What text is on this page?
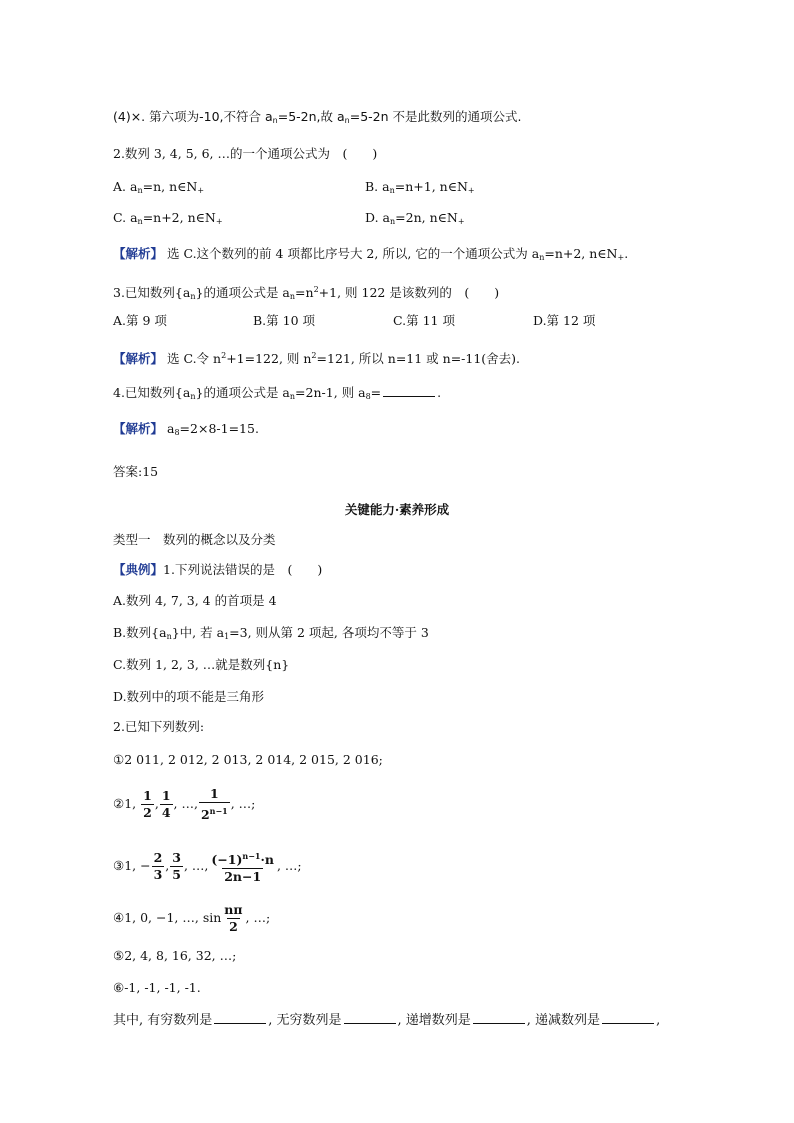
(4)×. 第六项为-10,不符合 $a_n=5-2n$,故 $a_n=5-2n$ 不是此数列的通项公式.
2.数列 3, 4, 5, 6, …的一个通项公式为　(　　)
A. $a_n=n$, $n\in N_+$	B. $a_n=n+1$, $n\in N_+$
C. $a_n=n+2$, $n\in N_+$	D. $a_n=2n$, $n\in N_+$
【解析】 选 C.这个数列的前 4 项都比序号大 2, 所以, 它的一个通项公式为 $a_n=n+2$, $n\in N_+$.
3.已知数列$\{a_n\}$的通项公式是 $a_n=n^2+1$, 则 122 是该数列的　(　　)
A.第 9 项	B.第 10 项	C.第 11 项	D.第 12 项
【解析】 选 C.令 $n^2+1=122$, 则 $n^2=121$, 所以 n=11 或 n=-11(舍去).
4.已知数列$\{a_n\}$的通项公式是 $a_n=2n-1$, 则 $a_8=$	.
【解析】 $a_8=2\times 8-1=15$.
答案:15
关键能力·素养形成
类型一　数列的概念以及分类
【典例】1.下列说法错误的是　(　　)
A.数列 4, 7, 3, 4 的首项是 4
B.数列$\{a_n\}$中, 若 $a_1=3$, 则从第 2 项起, 各项均不等于 3
C.数列 1, 2, 3, …就是数列{n}
D.数列中的项不能是三角形
2.已知下列数列:
①2 011, 2 012, 2 013, 2 014, 2 015, 2 016;
②1, $\frac{1}{2}$ , $\frac{1}{4}$ , …, $\frac{1}{2^{n-1}}$ , …;
③1, − $\frac{2}{3}$ , $\frac{3}{5}$ , …, $\frac{(-1)^{n-1}\cdot n}{2n-1}$ , …;
④1, 0, −1, …, $\sin \frac{n\pi}{2}$ , …;
⑤2, 4, 8, 16, 32, …;
⑥-1, -1, -1, -1.
其中, 有穷数列是	, 无穷数列是	, 递增数列是	, 递减数列是	,
